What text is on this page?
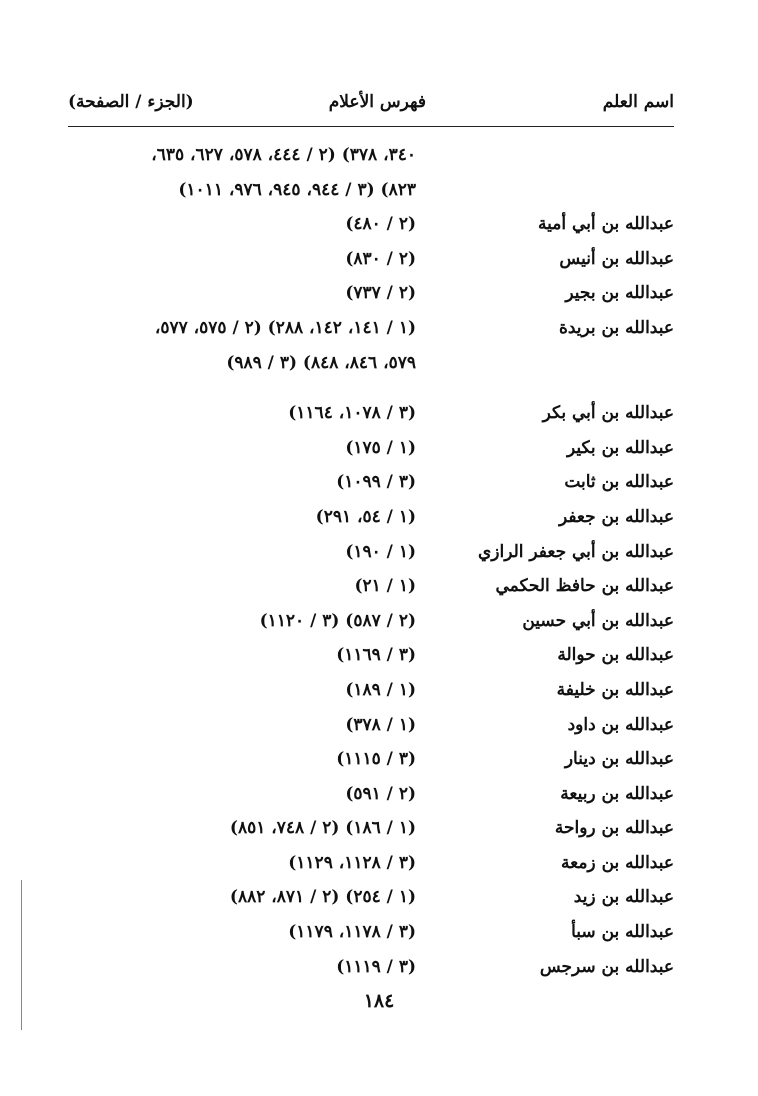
اسم العلم
فهرس الأعلام
(الجزء / الصفحة)
٣٤٠، ٣٧٨) (٢ / ٤٤٤، ٥٧٨، ٦٢٧، ٦٣٥،
٨٢٣) (٣ / ٩٤٤، ٩٤٥، ٩٧٦، ١٠١١)
عبدالله بن أبي أمية
(٢ / ٤٨٠)
عبدالله بن أنيس
(٢ / ٨٣٠)
عبدالله بن بجير
(٢ / ٧٣٧)
عبدالله بن بريدة
(١ / ١٤١، ١٤٢، ٢٨٨) (٢ / ٥٧٥، ٥٧٧،
٥٧٩، ٨٤٦، ٨٤٨) (٣ / ٩٨٩)
عبدالله بن أبي بكر
(٣ / ١٠٧٨، ١١٦٤)
عبدالله بن بكير
(١ / ١٧٥)
عبدالله بن ثابت
(٣ / ١٠٩٩)
عبدالله بن جعفر
(١ / ٥٤، ٢٩١)
عبدالله بن أبي جعفر الرازي
(١ / ١٩٠)
عبدالله بن حافظ الحكمي
(١ / ٢١)
عبدالله بن أبي حسين
(٢ / ٥٨٧) (٣ / ١١٢٠)
عبدالله بن حوالة
(٣ / ١١٦٩)
عبدالله بن خليفة
(١ / ١٨٩)
عبدالله بن داود
(١ / ٣٧٨)
عبدالله بن دينار
(٣ / ١١١٥)
عبدالله بن ربيعة
(٢ / ٥٩١)
عبدالله بن رواحة
(١ / ١٨٦) (٢ / ٧٤٨، ٨٥١)
عبدالله بن زمعة
(٣ / ١١٢٨، ١١٢٩)
عبدالله بن زيد
(١ / ٢٥٤) (٢ / ٨٧١، ٨٨٢)
عبدالله بن سبأ
(٣ / ١١٧٨، ١١٧٩)
عبدالله بن سرجس
(٣ / ١١١٩)
١٨٤
